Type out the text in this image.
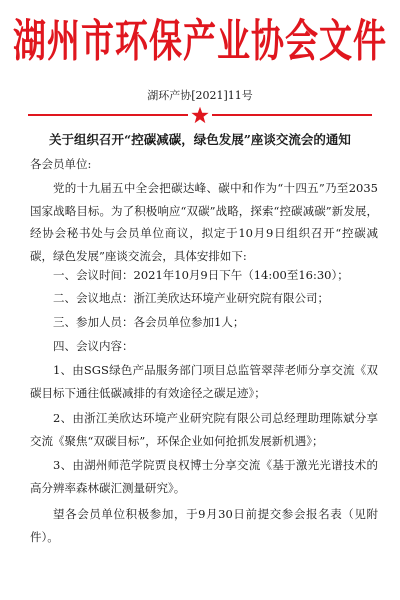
湖州市环保产业协会文件
湖环产协[2021]11号
关于组织召开“控碳减碳，绿色发展”座谈交流会的通知

各会员单位:

党的十九届五中全会把碳达峰、碳中和作为“十四五”乃至2035国家战略目标。为了积极响应“双碳”战略，探索“控碳减碳”新发展，经协会秘书处与会员单位商议，拟定于10月9日组织召开“控碳减碳，绿色发展”座谈交流会，具体安排如下:

一、会议时间：2021年10月9日下午（14:00至16:30）；

二、会议地点：浙江美欣达环境产业研究院有限公司；

三、参加人员：各会员单位参加1人；

四、会议内容：

1、由SGS绿色产品服务部门项目总监管翠萍老师分享交流《双碳目标下通往低碳减排的有效途径之碳足迹》；

2、由浙江美欣达环境产业研究院有限公司总经理助理陈斌分享交流《聚焦“双碳目标”，环保企业如何抢抓发展新机遇》；

3、由湖州师范学院贾良权博士分享交流《基于激光光谱技术的高分辨率森林碳汇测量研究》。

望各会员单位积极参加，于9月30日前提交参会报名表（见附件）。
